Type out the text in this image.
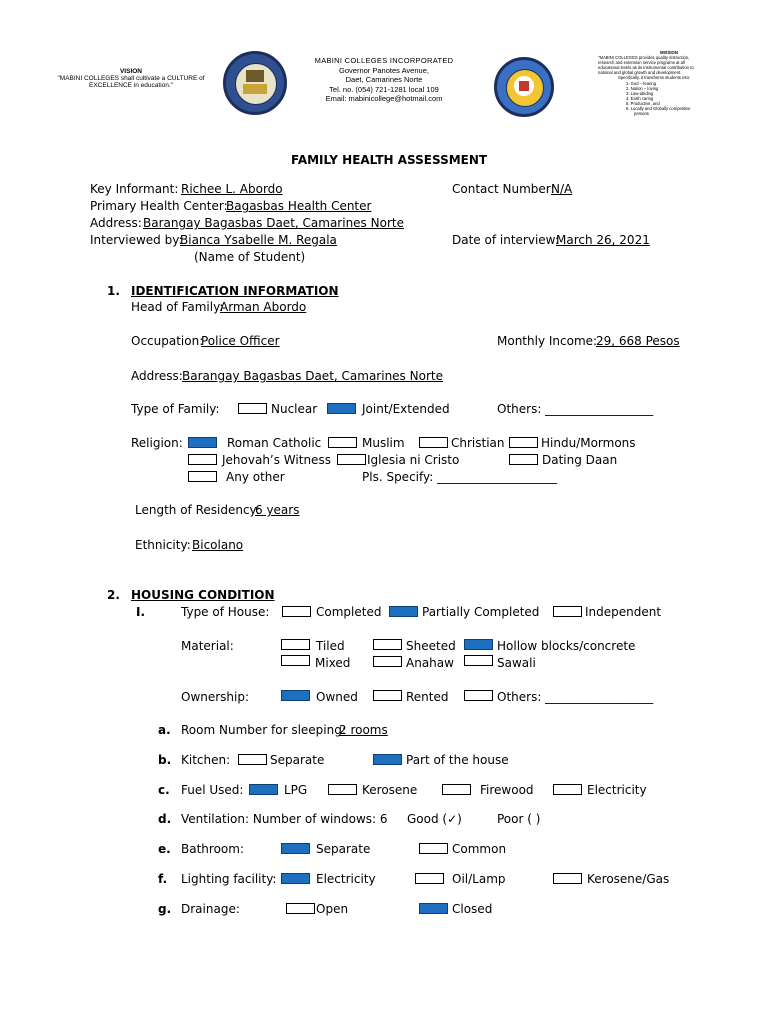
VISION
"MABINI COLLEGES shall cultivate a CULTURE of
EXCELLENCE in education."
MABINI COLLEGES INCORPORATED
Governor Panotes Avenue,
Daet, Camarines Norte
Tel. no. (054) 721-1281 local 109
Email: mabinicollege@hotmail.com
MISSION
"MABINI COLLEGES provides quality instruction,
research and extension service programs at all
educational levels as its instrumental contribution to
national and global growth and development.
Specifically, it transforms students into:
1. God – fearing
2. Nation – loving
3. Law-abiding
4. Earth caring
5. Productive, and
6. Locally and Globally competitive
persons
FAMILY HEALTH ASSESSMENT
Key Informant: Richee L. Abordo	Contact Number:
N/A
Primary Health Center:
Bagasbas Health Center
Address: Barangay Bagasbas Daet, Camarines Norte
Interviewed by:
Bianca Ysabelle M. Regala	Date of interview:
March 26, 2021
(Name of Student)
1. IDENTIFICATION INFORMATION
Head of Family:
Arman Abordo
Occupation:
Police Officer	Monthly Income:
29, 668 Pesos
Address: Barangay Bagasbas Daet, Camarines Norte
Type of Family:	Nuclear	Joint/Extended	Others: __________________
Religion:	Roman Catholic	Muslim	Christian	Hindu/Mormons
Jehovah’s Witness	Iglesia ni Cristo	Dating Daan
Any other	Pls. Specify: ____________________
Length of Residency:
6 years
Ethnicity: Bicolano
2. HOUSING CONDITION
I.	Type of House:	Completed	Partially Completed	Independent
Material:	Tiled	Sheeted	Hollow blocks/concrete
Mixed	Anahaw	Sawali
Ownership:	Owned	Rented	Others: __________________
a. Room Number for sleeping:
2 rooms
b. Kitchen:	Separate	Part of the house
c. Fuel Used:	LPG	Kerosene	Firewood	Electricity
d. Ventilation: Number of windows: 6 Good (✓)	Poor ( )
e. Bathroom:	Separate	Common
f. Lighting facility:	Electricity	Oil/Lamp	Kerosene/Gas
g. Drainage:	Open	Closed
